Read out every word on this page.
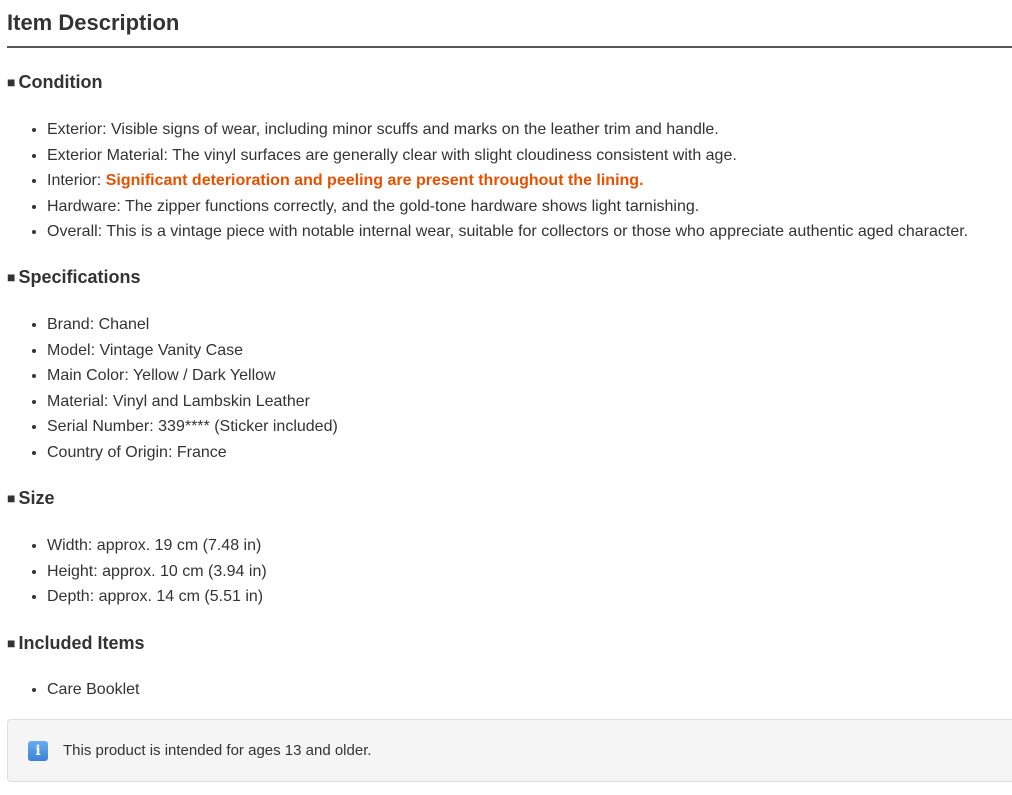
Item Description
■ Condition
• Exterior: Visible signs of wear, including minor scuffs and marks on the leather trim and handle.
• Exterior Material: The vinyl surfaces are generally clear with slight cloudiness consistent with age.
• Interior: Significant deterioration and peeling are present throughout the lining.
• Hardware: The zipper functions correctly, and the gold-tone hardware shows light tarnishing.
• Overall: This is a vintage piece with notable internal wear, suitable for collectors or those who appreciate authentic aged character.
■ Specifications
• Brand: Chanel
• Model: Vintage Vanity Case
• Main Color: Yellow / Dark Yellow
• Material: Vinyl and Lambskin Leather
• Serial Number: 339**** (Sticker included)
• Country of Origin: France
■ Size
• Width: approx. 19 cm (7.48 in)
• Height: approx. 10 cm (3.94 in)
• Depth: approx. 14 cm (5.51 in)
■ Included Items
• Care Booklet
i	This product is intended for ages 13 and older.
